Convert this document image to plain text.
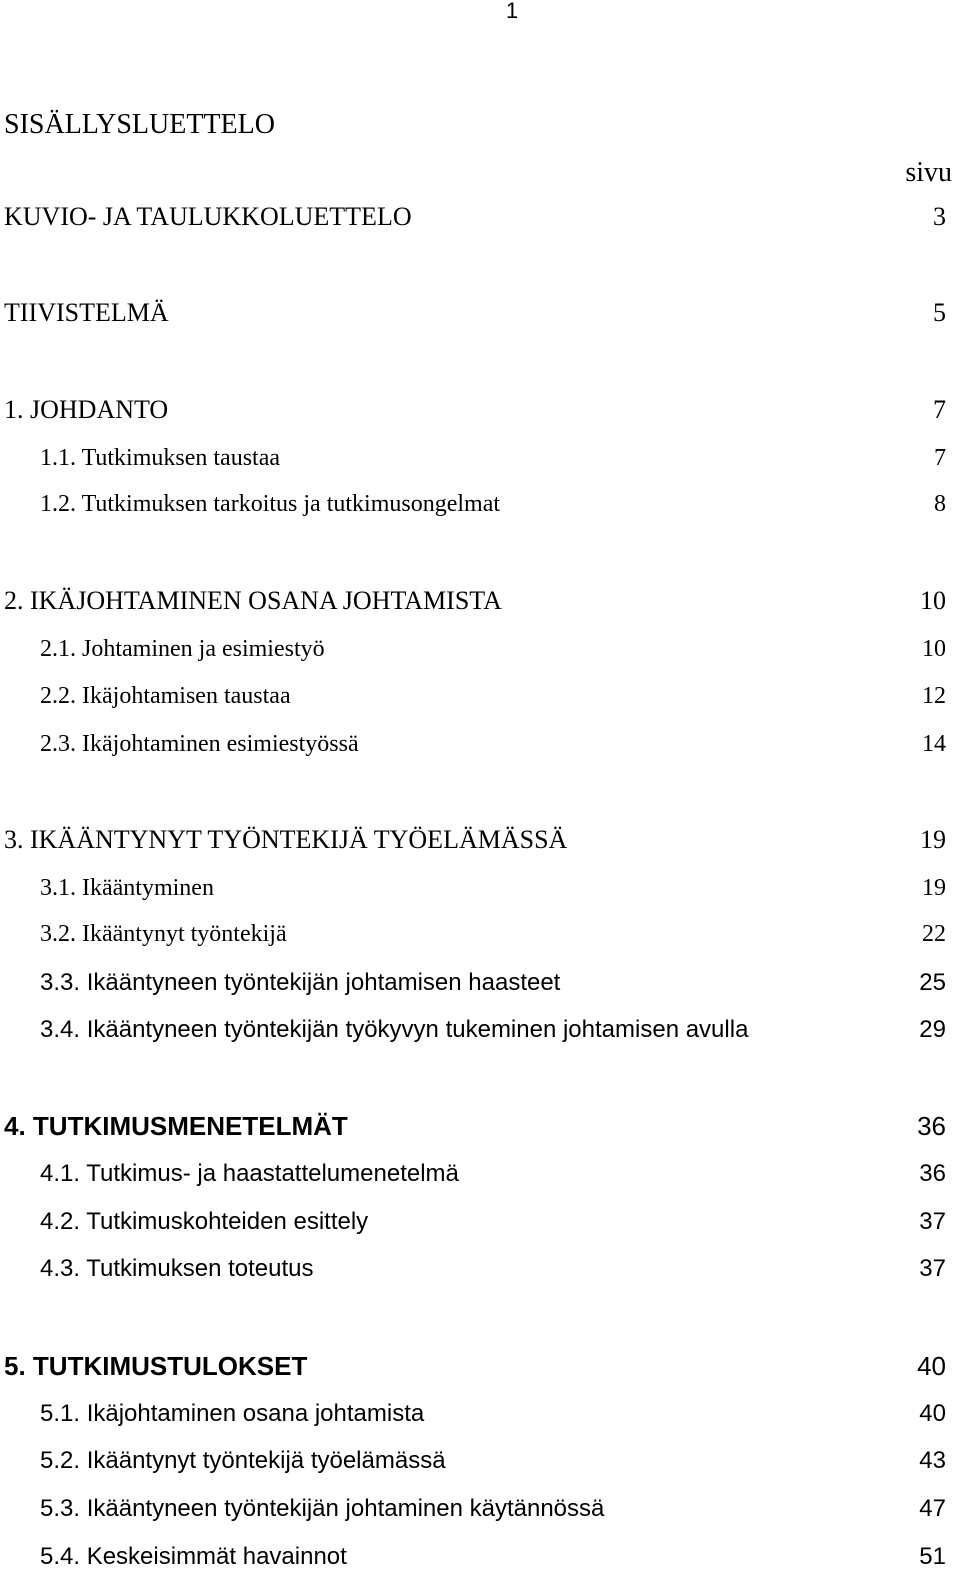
1
SISÄLLYSLUETTELO
sivu
KUVIO- JA TAULUKKOLUETTELO	3
TIIVISTELMÄ	5
1. JOHDANTO	7
1.1. Tutkimuksen taustaa	7
1.2. Tutkimuksen tarkoitus ja tutkimusongelmat	8
2. IKÄJOHTAMINEN OSANA JOHTAMISTA	10
2.1. Johtaminen ja esimiestyö	10
2.2. Ikäjohtamisen taustaa	12
2.3. Ikäjohtaminen esimiestyössä	14
3. IKÄÄNTYNYT TYÖNTEKIJÄ TYÖELÄMÄSSÄ	19
3.1. Ikääntyminen	19
3.2. Ikääntynyt työntekijä	22
3.3. Ikääntyneen työntekijän johtamisen haasteet	25
3.4. Ikääntyneen työntekijän työkyvyn tukeminen johtamisen avulla	29
4. TUTKIMUSMENETELMÄT	36
4.1. Tutkimus- ja haastattelumenetelmä	36
4.2. Tutkimuskohteiden esittely	37
4.3. Tutkimuksen toteutus	37
5. TUTKIMUSTULOKSET	40
5.1. Ikäjohtaminen osana johtamista	40
5.2. Ikääntynyt työntekijä työelämässä	43
5.3. Ikääntyneen työntekijän johtaminen käytännössä	47
5.4. Keskeisimmät havainnot	51
